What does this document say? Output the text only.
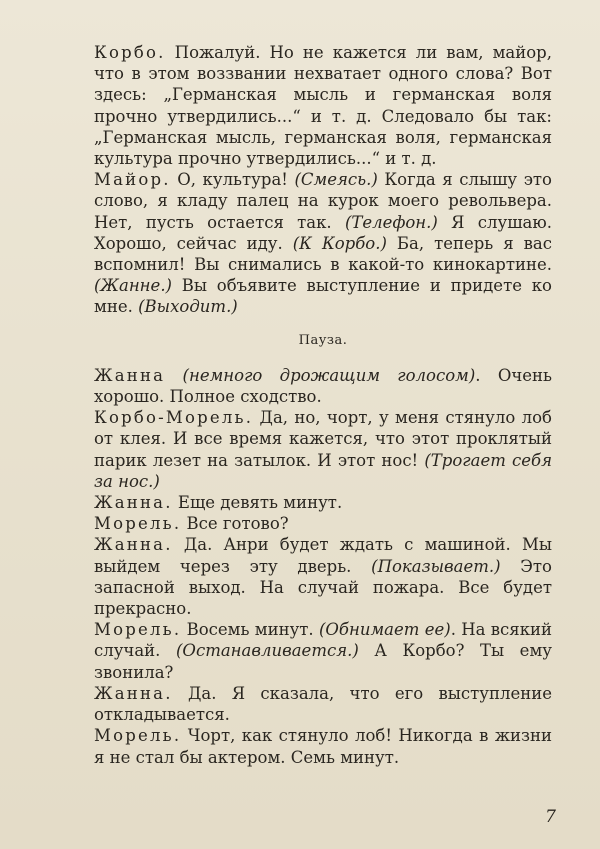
Корбо. Пожалуй. Но не кажется ли вам, майор, что в этом воззвании нехватает одного слова? Вот здесь: „Германская мысль и германская воля прочно утвердились...“ и т. д. Следовало бы так: „Германская мысль, германская воля, германская культура прочно утвердились...“ и т. д.

Майор. О, культура! (Смеясь.) Когда я слышу это слово, я кладу палец на курок моего револьвера. Нет, пусть остается так. (Телефон.) Я слушаю. Хорошо, сейчас иду. (К Корбо.) Ба, теперь я вас вспомнил! Вы снимались в какой-то кинокартине. (Жанне.) Вы объявите выступление и придете ко мне. (Выходит.)

Пауза.

Жанна (немного дрожащим голосом). Очень хорошо. Полное сходство.

Корбо-Морель. Да, но, чорт, у меня стянуло лоб от клея. И все время кажется, что этот проклятый парик лезет на затылок. И этот нос! (Трогает себя за нос.)

Жанна. Еще девять минут.

Морель. Все готово?

Жанна. Да. Анри будет ждать с машиной. Мы выйдем через эту дверь. (Показывает.) Это запасной выход. На случай пожара. Все будет прекрасно.

Морель. Восемь минут. (Обнимает ее). На всякий случай. (Останавливается.) А Корбо? Ты ему звонила?

Жанна. Да. Я сказала, что его выступление откладывается.

Морель. Чорт, как стянуло лоб! Никогда в жизни я не стал бы актером. Семь минут.

7
